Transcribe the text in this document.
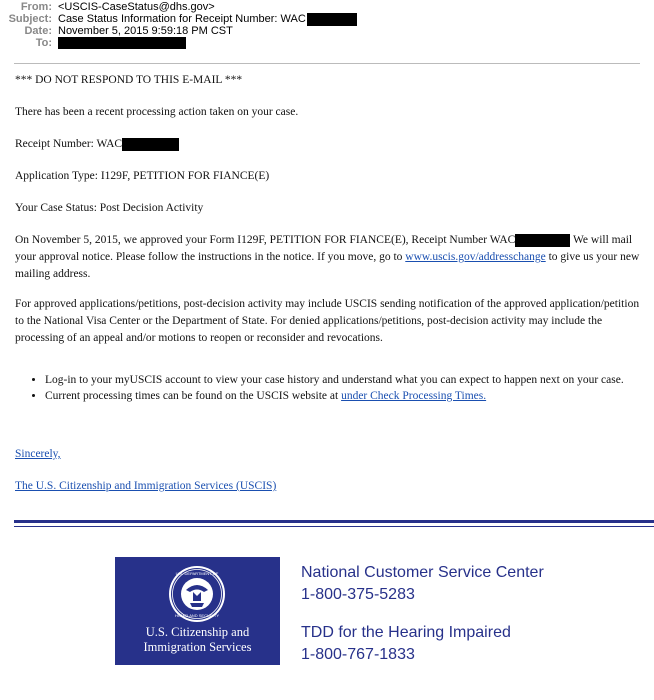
From: <USCIS-CaseStatus@dhs.gov>
Subject: Case Status Information for Receipt Number: WAC
Date: November 5, 2015 9:59:18 PM CST
To:
*** DO NOT RESPOND TO THIS E-MAIL ***
There has been a recent processing action taken on your case.
Receipt Number: WAC
Application Type: I129F, PETITION FOR FIANCE(E)
Your Case Status: Post Decision Activity

On November 5, 2015, we approved your Form I129F, PETITION FOR FIANCE(E), Receipt Number WAC	We will mail your approval notice. Please follow the instructions in the notice. If you move, go to www.uscis.gov/addresschange to give us your new mailing address.

For approved applications/petitions, post-decision activity may include USCIS sending notification of the approved application/petition to the National Visa Center or the Department of State. For denied applications/petitions, post-decision activity may include the processing of an appeal and/or motions to reopen or reconsider and revocations.
• Log-in to your myUSCIS account to view your case history and understand what you can expect to happen next on your case.
• Current processing times can be found on the USCIS website at under Check Processing Times.
Sincerely,
The U.S. Citizenship and Immigration Services (USCIS)
U.S. DEPARTMENT OF
HOMELAND SECURITY
U.S. Citizenship and
Immigration Services
National Customer Service Center
1-800-375-5283
TDD for the Hearing Impaired
1-800-767-1833
